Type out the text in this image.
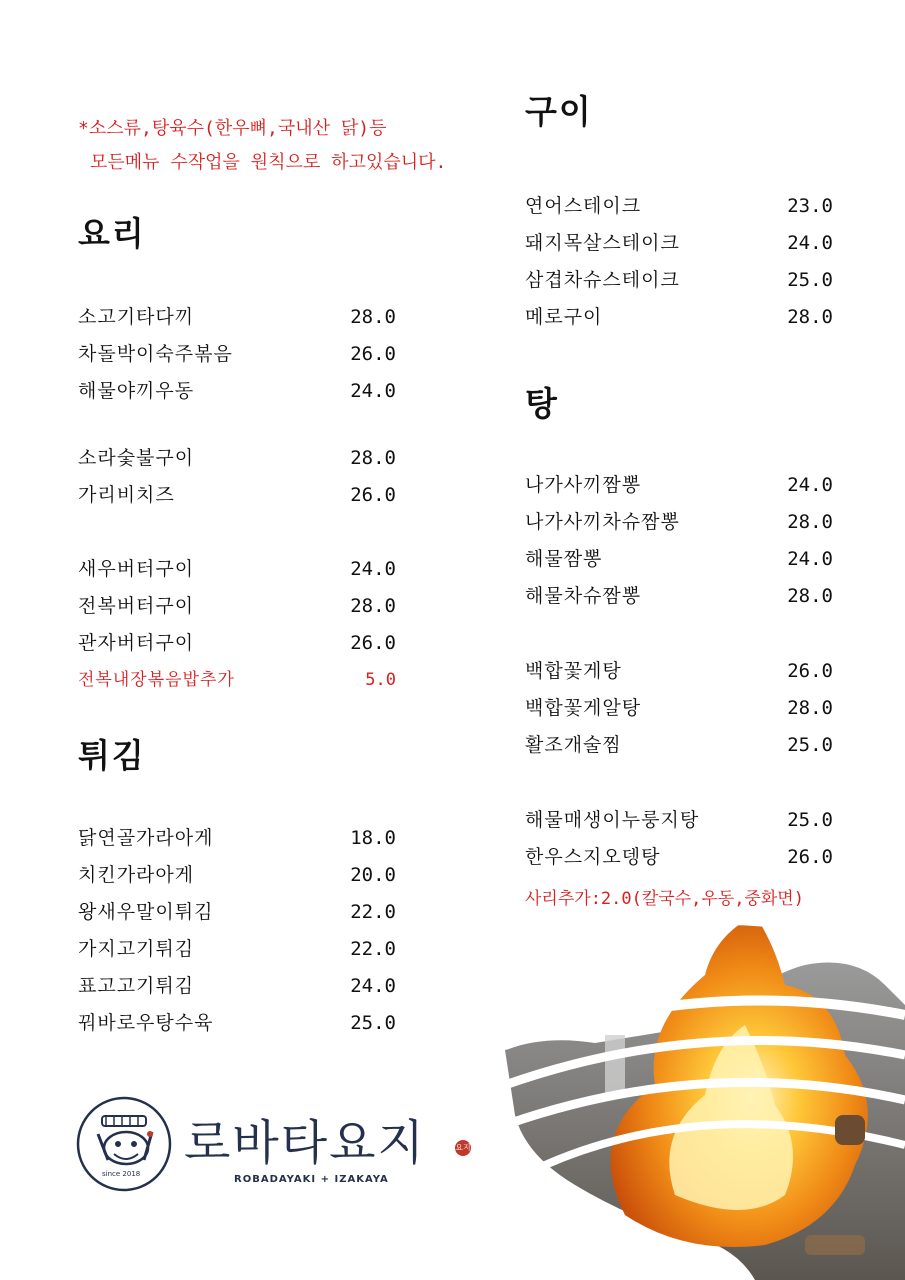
*소스류,탕육수(한우뼈,국내산 닭)등
모든메뉴 수작업을 원칙으로 하고있습니다.
요리
소고기타다끼	28.0
차돌박이숙주볶음	26.0
해물야끼우동	24.0
소라숯불구이	28.0
가리비치즈	26.0
새우버터구이	24.0
전복버터구이	28.0
관자버터구이	26.0
전복내장볶음밥추가	5.0
튀김
닭연골가라아게	18.0
치킨가라아게	20.0
왕새우말이튀김	22.0
가지고기튀김	22.0
표고고기튀김	24.0
꿔바로우탕수육	25.0
구이
연어스테이크	23.0
돼지목살스테이크	24.0
삼겹차슈스테이크	25.0
메로구이	28.0
탕
나가사끼짬뽕	24.0
나가사끼차슈짬뽕	28.0
해물짬뽕	24.0
해물차슈짬뽕	28.0
백합꽃게탕	26.0
백합꽃게알탕	28.0
활조개술찜	25.0
해물매생이누룽지탕	25.0
한우스지오뎅탕	26.0
사리추가:2.0(칼국수,우동,중화면)
since 2018
로바타요지	요지
ROBADAYAKI + IZAKAYA
